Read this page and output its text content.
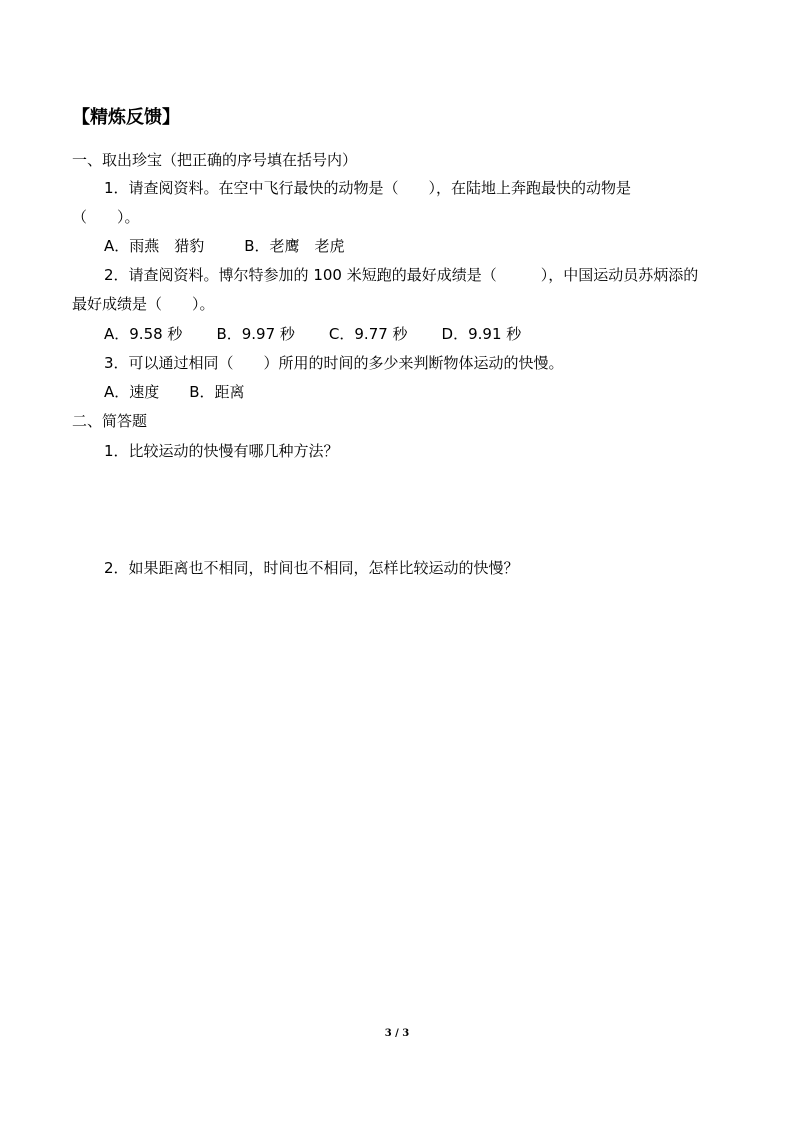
【精炼反馈】
一、取出珍宝（把正确的序号填在括号内）
1．请查阅资料。在空中飞行最快的动物是（ ），在陆地上奔跑最快的动物是
（ ）。
A．雨燕　猎豹	B．老鹰　老虎
2．请查阅资料。博尔特参加的 100 米短跑的最好成绩是（	），中国运动员苏炳添的
最好成绩是（ ）。
A．9.58 秒 B．9.97 秒 C．9.77 秒 D．9.91 秒
3．可以通过相同（ ）所用的时间的多少来判断物体运动的快慢。
A．速度 B．距离
二、简答题
1．比较运动的快慢有哪几种方法？
2．如果距离也不相同，时间也不相同，怎样比较运动的快慢？
3 / 3
